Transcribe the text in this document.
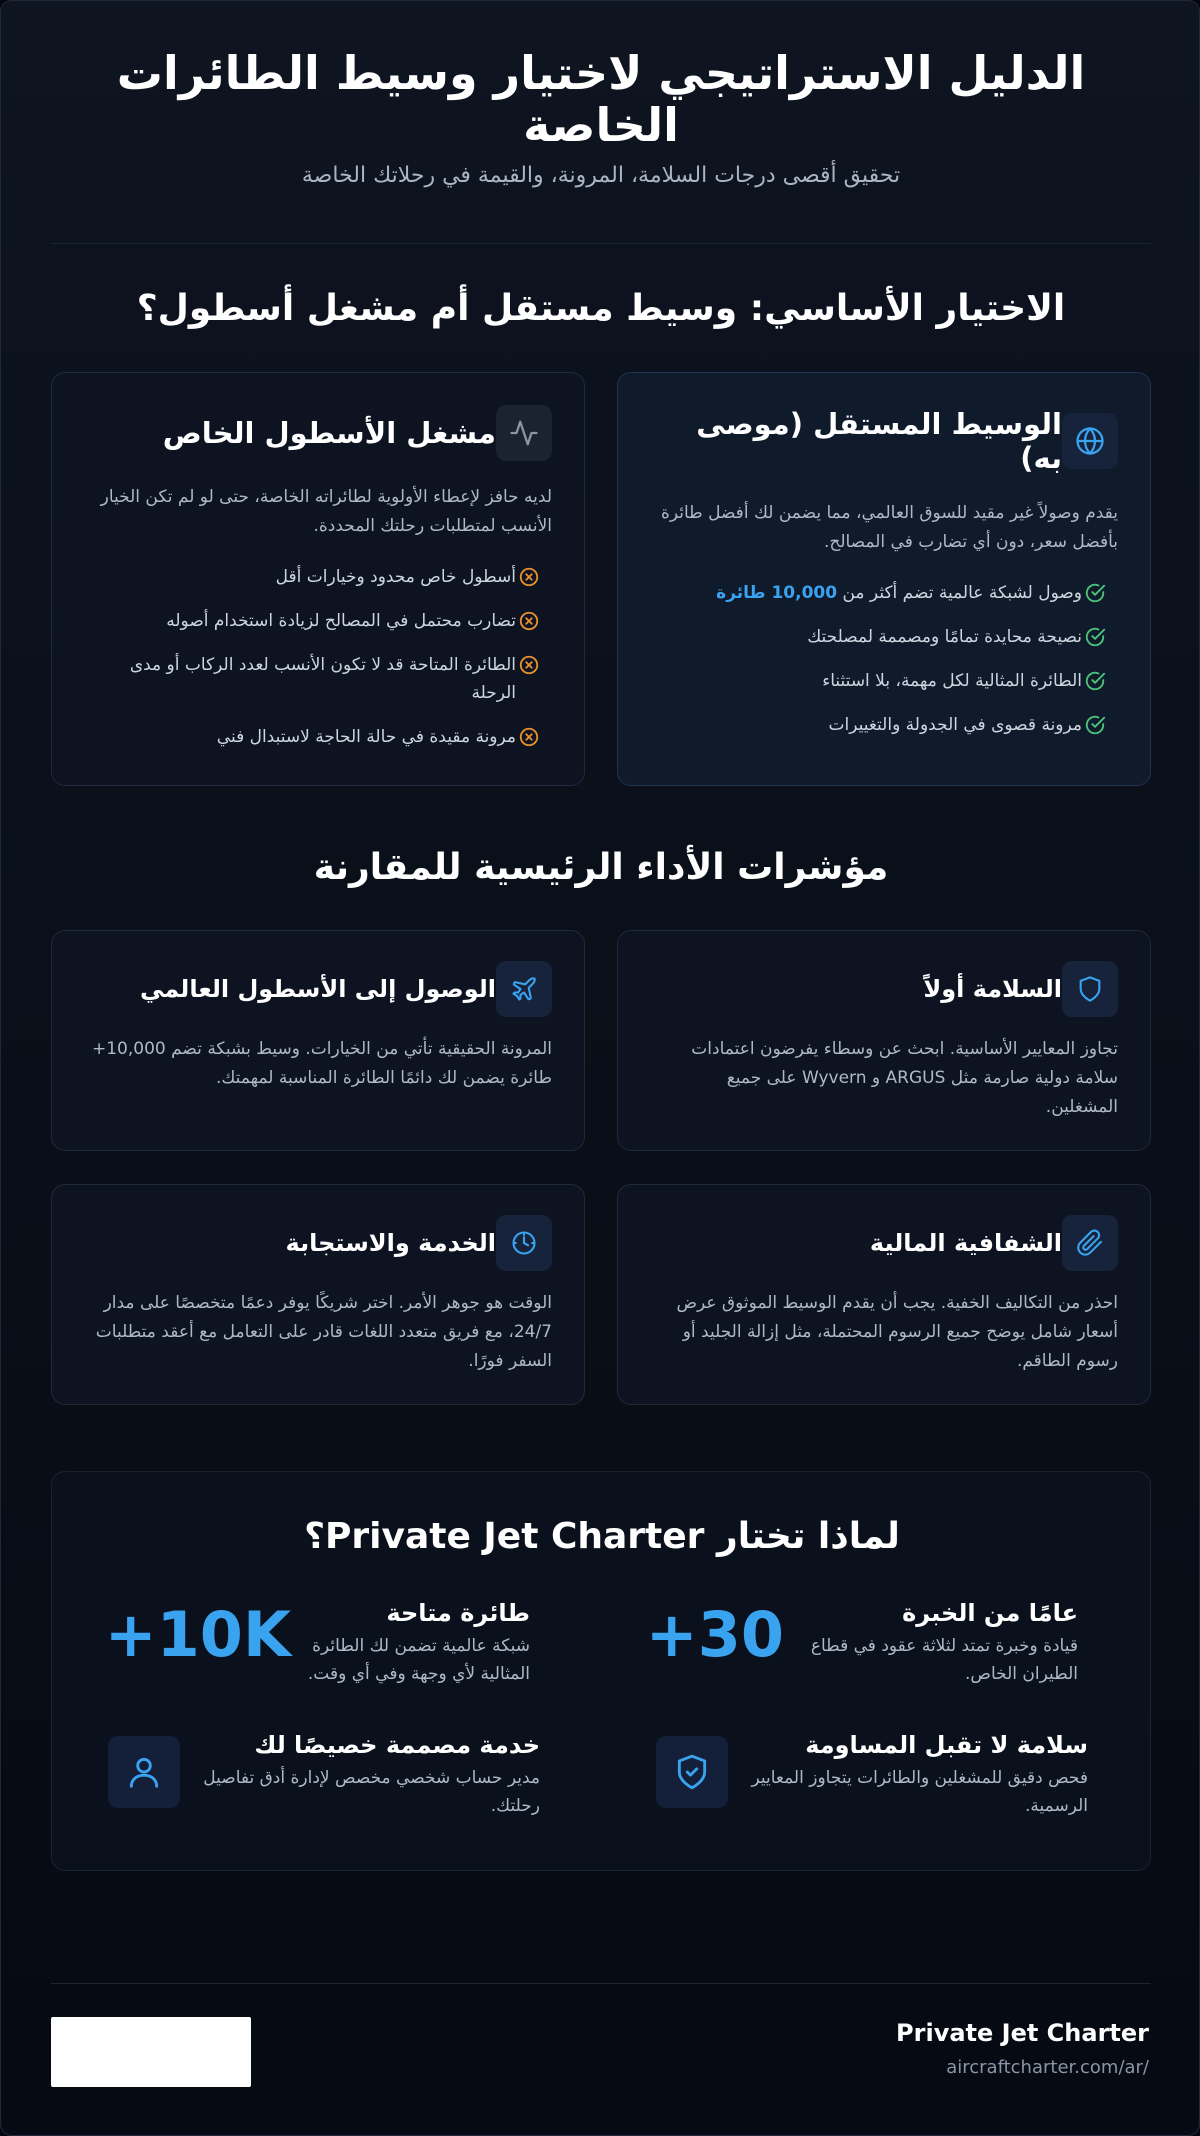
الدليل الاستراتيجي لاختيار وسيط الطائرات الخاصة

تحقيق أقصى درجات السلامة، المرونة، والقيمة في رحلاتك الخاصة

الاختيار الأساسي: وسيط مستقل أم مشغل أسطول؟
الوسيط المستقل (موصى به)

يقدم وصولاً غير مقيد للسوق العالمي، مما يضمن لك أفضل طائرة بأفضل سعر، دون أي تضارب في المصالح.

وصول لشبكة عالمية تضم أكثر من 10,000 طائرة
نصيحة محايدة تمامًا ومصممة لمصلحتك
الطائرة المثالية لكل مهمة، بلا استثناء
مرونة قصوى في الجدولة والتغييرات
مشغل الأسطول الخاص

لديه حافز لإعطاء الأولوية لطائراته الخاصة، حتى لو لم تكن الخيار الأنسب لمتطلبات رحلتك المحددة.

أسطول خاص محدود وخيارات أقل
تضارب محتمل في المصالح لزيادة استخدام أصوله
الطائرة المتاحة قد لا تكون الأنسب لعدد الركاب أو مدى الرحلة
مرونة مقيدة في حالة الحاجة لاستبدال فني
مؤشرات الأداء الرئيسية للمقارنة
السلامة أولاً

تجاوز المعايير الأساسية. ابحث عن وسطاء يفرضون اعتمادات سلامة دولية صارمة مثل ARGUS و Wyvern على جميع المشغلين.

الوصول إلى الأسطول العالمي

المرونة الحقيقية تأتي من الخيارات. وسيط بشبكة تضم 10,000+ طائرة يضمن لك دائمًا الطائرة المناسبة لمهمتك.

الشفافية المالية

احذر من التكاليف الخفية. يجب أن يقدم الوسيط الموثوق عرض أسعار شامل يوضح جميع الرسوم المحتملة، مثل إزالة الجليد أو رسوم الطاقم.

الخدمة والاستجابة

الوقت هو جوهر الأمر. اختر شريكًا يوفر دعمًا متخصصًا على مدار 24/7، مع فريق متعدد اللغات قادر على التعامل مع أعقد متطلبات السفر فورًا.

لماذا تختار Private Jet Charter؟
عامًا من الخبرة
قيادة وخبرة تمتد لثلاثة عقود في قطاع الطيران الخاص.
+30
طائرة متاحة
شبكة عالمية تضمن لك الطائرة المثالية لأي وجهة وفي أي وقت.
+10K
سلامة لا تقبل المساومة
فحص دقيق للمشغلين والطائرات يتجاوز المعايير الرسمية.
خدمة مصممة خصيصًا لك
مدير حساب شخصي مخصص لإدارة أدق تفاصيل رحلتك.
Private Jet Charter
aircraftcharter.com/ar/
